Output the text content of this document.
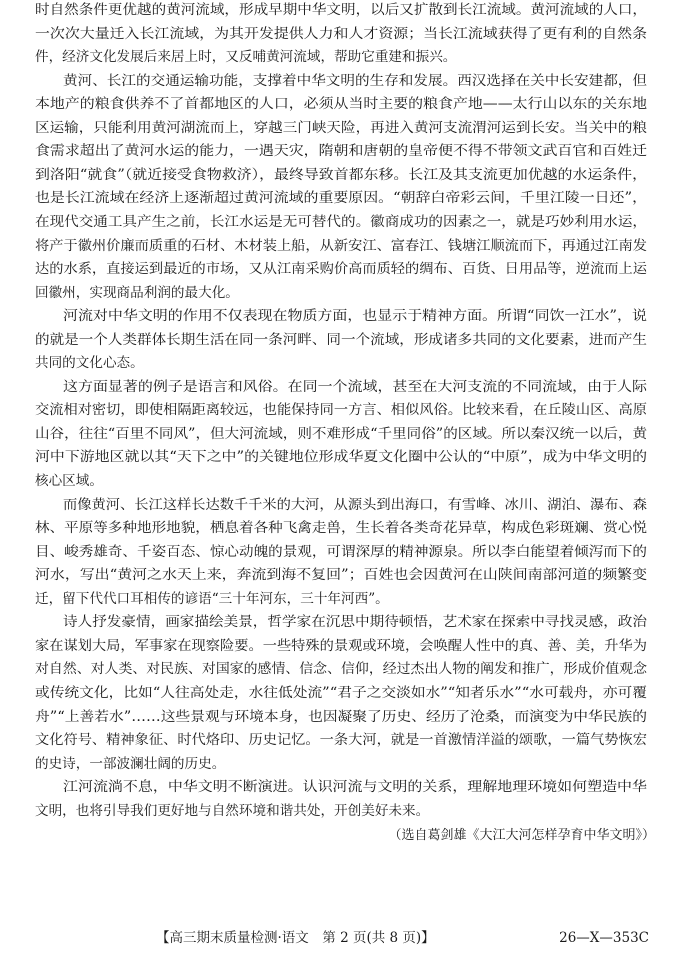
时自然条件更优越的黄河流域，形成早期中华文明，以后又扩散到长江流域。黄河流域的人口，
一次次大量迁入长江流域，为其开发提供人力和人才资源；当长江流域获得了更有利的自然条
件，经济文化发展后来居上时，又反哺黄河流域，帮助它重建和振兴。
黄河、长江的交通运输功能，支撑着中华文明的生存和发展。西汉选择在关中长安建都，但
本地产的粮食供养不了首都地区的人口，必须从当时主要的粮食产地——太行山以东的关东地
区运输，只能利用黄河湖流而上，穿越三门峡天险，再进入黄河支流渭河运到长安。当关中的粮
食需求超出了黄河水运的能力，一遇天灾，隋朝和唐朝的皇帝便不得不带领文武百官和百姓迁
到洛阳“就食”（就近接受食物救济），最终导致首都东移。长江及其支流更加优越的水运条件，
也是长江流域在经济上逐渐超过黄河流域的重要原因。“朝辞白帝彩云间，千里江陵一日还”，
在现代交通工具产生之前，长江水运是无可替代的。徽商成功的因素之一，就是巧妙利用水运，
将产于徽州价廉而质重的石材、木材装上船，从新安江、富春江、钱塘江顺流而下，再通过江南发
达的水系，直接运到最近的市场，又从江南采购价高而质轻的绸布、百货、日用品等，逆流而上运
回徽州，实现商品利润的最大化。
河流对中华文明的作用不仅表现在物质方面，也显示于精神方面。所谓“同饮一江水”，说
的就是一个人类群体长期生活在同一条河畔、同一个流域，形成诸多共同的文化要素，进而产生
共同的文化心态。
这方面显著的例子是语言和风俗。在同一个流域，甚至在大河支流的不同流域，由于人际
交流相对密切，即使相隔距离较远，也能保持同一方言、相似风俗。比较来看，在丘陵山区、高原
山谷，往往“百里不同风”，但大河流域，则不难形成“千里同俗”的区域。所以秦汉统一以后，黄
河中下游地区就以其“天下之中”的关键地位形成华夏文化圈中公认的“中原”，成为中华文明的
核心区域。
而像黄河、长江这样长达数千千米的大河，从源头到出海口，有雪峰、冰川、湖泊、瀑布、森
林、平原等多种地形地貌，栖息着各种飞禽走兽，生长着各类奇花异草，构成色彩斑斓、赏心悦
目、峻秀雄奇、千姿百态、惊心动魄的景观，可谓深厚的精神源泉。所以李白能望着倾泻而下的
河水，写出“黄河之水天上来，奔流到海不复回”；百姓也会因黄河在山陕间南部河道的频繁变
迁，留下代代口耳相传的谚语“三十年河东，三十年河西”。
诗人抒发豪情，画家描绘美景，哲学家在沉思中期待顿悟，艺术家在探索中寻找灵感，政治
家在谋划大局，军事家在现察险要。一些特殊的景观或环境，会唤醒人性中的真、善、美，升华为
对自然、对人类、对民族、对国家的感情、信念、信仰，经过杰出人物的阐发和推广，形成价值观念
或传统文化，比如“人往高处走，水往低处流”“君子之交淡如水”“知者乐水”“水可载舟，亦可覆
舟”“上善若水”……这些景观与环境本身，也因凝聚了历史、经历了沧桑，而演变为中华民族的
文化符号、精神象征、时代烙印、历史记忆。一条大河，就是一首激情洋溢的颂歌，一篇气势恢宏
的史诗，一部波澜壮阔的历史。
江河流淌不息，中华文明不断演进。认识河流与文明的关系，理解地理环境如何塑造中华
文明，也将引导我们更好地与自然环境和谐共处，开创美好未来。
（选自葛剑雄《大江大河怎样孕育中华文明》）
【高三期末质量检测·语文　第 2 页(共 8 页)】	26—X—353C
